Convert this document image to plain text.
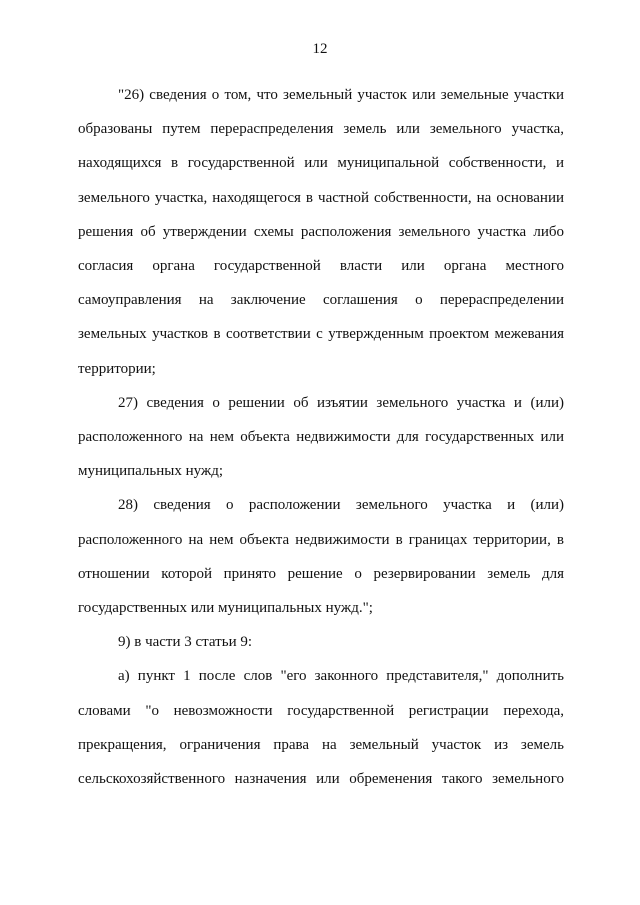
12

"26) сведения о том, что земельный участок или земельные участки образованы путем перераспределения земель или земельного участка, находящихся в государственной или муниципальной собственности, и земельного участка, находящегося в частной собственности, на основании решения об утверждении схемы расположения земельного участка либо согласия органа государственной власти или органа местного самоуправления на заключение соглашения о перераспределении земельных участков в соответствии с утвержденным проектом межевания территории;

27) сведения о решении об изъятии земельного участка и (или) расположенного на нем объекта недвижимости для государственных или муниципальных нужд;

28) сведения о расположении земельного участка и (или) расположенного на нем объекта недвижимости в границах территории, в отношении которой принято решение о резервировании земель для государственных или муниципальных нужд.";

9) в части 3 статьи 9:

а) пункт 1 после слов "его законного представителя," дополнить словами "о невозможности государственной регистрации перехода, прекращения, ограничения права на земельный участок из земель сельскохозяйственного назначения или обременения такого земельного
